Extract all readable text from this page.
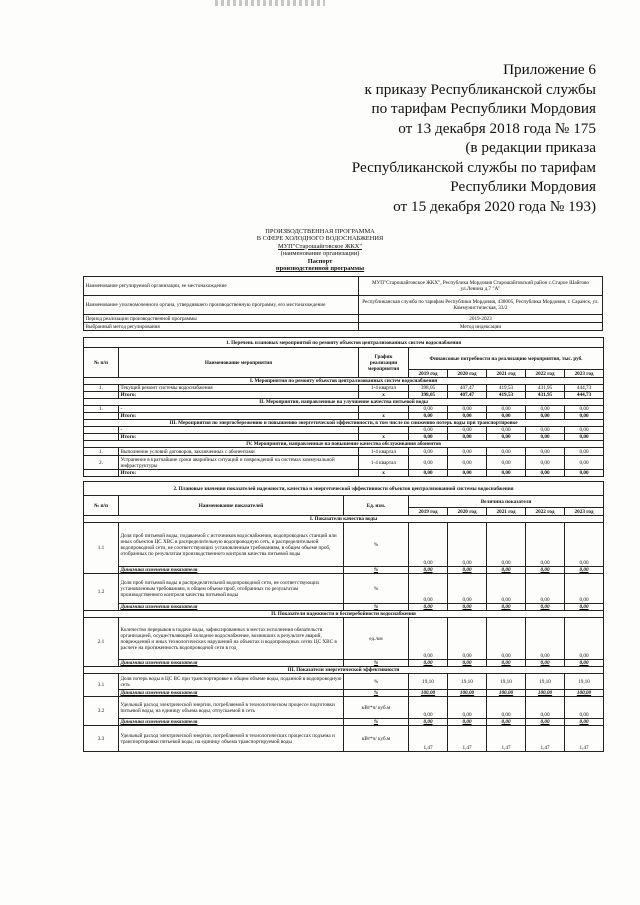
Приложение 6
к приказу Республиканской службы
по тарифам Республики Мордовия
от 13 декабря 2018 года № 175
(в редакции приказа
Республиканской службы по тарифам
Республики Мордовия
от 15 декабря 2020 года № 193)
ПРОИЗВОДСТВЕННАЯ ПРОГРАММА
В СФЕРЕ ХОЛОДНОГО ВОДОСНАБЖЕНИЯ
МУП"Старошайговское ЖКХ"
(наименование организации)
Паспорт
производственной программы
Наименование регулируемой организации, ее местонахождение	МУП"Старошайговское ЖКХ", Республика Мордовия Старошайговский район с.Старое Шайгово ул.Ленина д.7 "А"
Наименование уполномоченного органа, утвердившего производственную программу, его местонахождение	Республиканская служба по тарифам Республики Мордовия, 430005, Республика Мордовия, г. Саранск, ул. Коммунистическая, 33/2
Период реализации производственной программы	2019-2023
Выбранный метод регулирования	Метод индексации
1. Перечень плановых мероприятий по ремонту объектов централизованных систем водоснабжения							
№ п/п	Наименование мероприятия	График реализации мероприятия	Финансовые потребности на реализацию мероприятия, тыс. руб.				
			2019 год	2020 год	2021 год	2022 год	2023 год
I. Мероприятия по ремонту объектов централизованных систем водоснабжения							
1.	Текущий ремонт системы водоснабжения	1-4 квартал	398,05	407,47	419,53	431,95	444,73
	Итого:	x	398,05	407,47	419,53	431,95	444,73
II. Мероприятия, направленные на улучшение качества питьевой воды							
1.	-		0,00	0,00	0,00	0,00	0,00
	Итого:	x	0,00	0,00	0,00	0,00	0,00
III. Мероприятия по энергосбережению и повышению энергетической эффективности, в том числе по снижению потерь воды при транспортировке							
	-		0,00	0,00	0,00	0,00	0,00
	Итого:	x	0,00	0,00	0,00	0,00	0,00
IV. Мероприятия, направленные на повышение качества обслуживания абонентов							
1.	Выполнение условий договоров, заключенных с абонентами	1-4 квартал	0,00	0,00	0,00	0,00	0,00
2.	Устранение в кратчайшие сроки аварийных ситуаций и повреждений на системах коммунальной инфраструктуры	1-4 квартал	0,00	0,00	0,00	0,00	0,00
	Итого:	x	0,00	0,00	0,00	0,00	0,00
2. Плановые значения показателей надежности, качества и энергетической эффективности объектов централизованной системы водоснабжения							
№ п/п	Наименование показателей	Ед. изм.	Величина показателя				
			2019 год	2020 год	2021 год	2022 год	2023 год
I. Показатели качества воды							
1.1	Доля проб питьевой воды, подаваемой с источников водоснабжения, водопроводных станций или иных объектов ЦС ХВС в распределительную водопроводную сеть, в распределительной водопроводной сети, не соответствующих установленным требованиям, в общем объеме проб, отобранных по результатам производственного контроля качества питьевой воды	%	0,00	0,00	0,00	0,00	0,00
	Динамика изменения показателя	%	0,00	0,00	0,00	0,00	0,00
1.2	Доля проб питьевой воды в распределительной водопроводной сети, не соответствующих установленным требованиям, в общем объеме проб, отобранных по результатам производственного контроля качества питьевой воды	%	0,00	0,00	0,00	0,00	0,00
	Динамика изменения показателя	%	0,00	0,00	0,00	0,00	0,00
II. Показатели надежности и бесперебойности водоснабжения							
2.1	Количество перерывов в подаче воды, зафиксированных в местах исполнения обязательств организацией, осуществляющей холодное водоснабжение, возникших в результате аварий, повреждений и иных технологических нарушений на объектах и водопроводных сетях ЦС ХВС в расчете на протяженность водопроводной сети в год	ед./км	0,00	0,00	0,00	0,00	0,00
	Динамика изменения показателя	%	0,00	0,00	0,00	0,00	0,00
III. Показатели энергетической эффективности							
3.1	Доля потерь воды в ЦС ВС при транспортировке в общем объеме воды, поданной в водопроводную сеть	%	19,10	19,10	19,10	19,10	19,10
	Динамика изменения показателя	%	100,00	100,00	100,00	100,00	100,00
3.2	Удельный расход электрической энергии, потребляемой в технологическом процессе подготовки питьевой воды, на единицу объема воды, отпускаемой в сеть	кВт*ч/ куб.м	0,00	0,00	0,00	0,00	0,00
	Динамика изменения показателя	%	0,00	0,00	0,00	0,00	0,00
3.3	Удельный расход электрической энергии, потребляемой в технологических процессах подъема и транспортировки питьевой воды, на единицу объема транспортируемой воды	кВт*ч/ куб.м	1,47	1,47	1,47	1,47	1,47
